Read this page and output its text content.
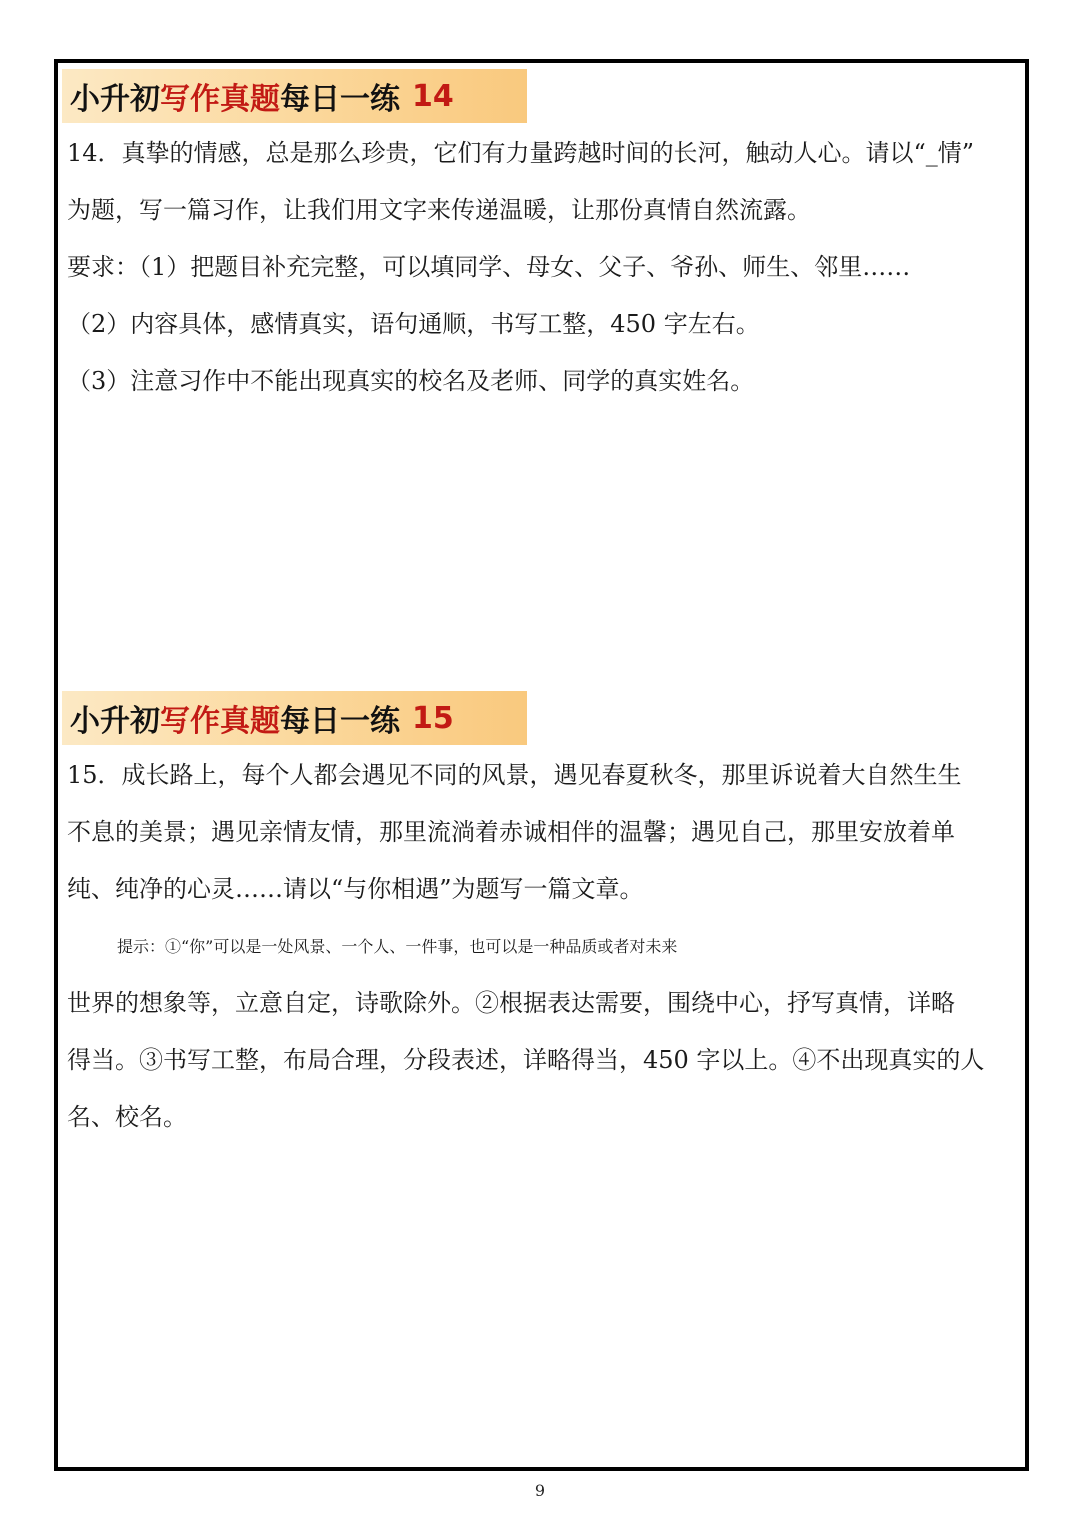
小升初 写作真题 每日一练 14

14．真挚的情感，总是那么珍贵，它们有力量跨越时间的长河，触动人心。请以“_情”

为题，写一篇习作，让我们用文字来传递温暖，让那份真情自然流露。

要求：（1）把题目补充完整，可以填同学、母女、父子、爷孙、师生、邻里……

（2）内容具体，感情真实，语句通顺，书写工整，450 字左右。

（3）注意习作中不能出现真实的校名及老师、同学的真实姓名。

小升初 写作真题 每日一练 15

15．成长路上，每个人都会遇见不同的风景，遇见春夏秋冬，那里诉说着大自然生生

不息的美景；遇见亲情友情，那里流淌着赤诚相伴的温馨；遇见自己，那里安放着单

纯、纯净的心灵……请以“与你相遇”为题写一篇文章。

提示：①“你”可以是一处风景、一个人、一件事，也可以是一种品质或者对未来

世界的想象等，立意自定，诗歌除外。②根据表达需要，围绕中心，抒写真情，详略

得当。③书写工整，布局合理，分段表述，详略得当，450 字以上。④不出现真实的人

名、校名。

9
